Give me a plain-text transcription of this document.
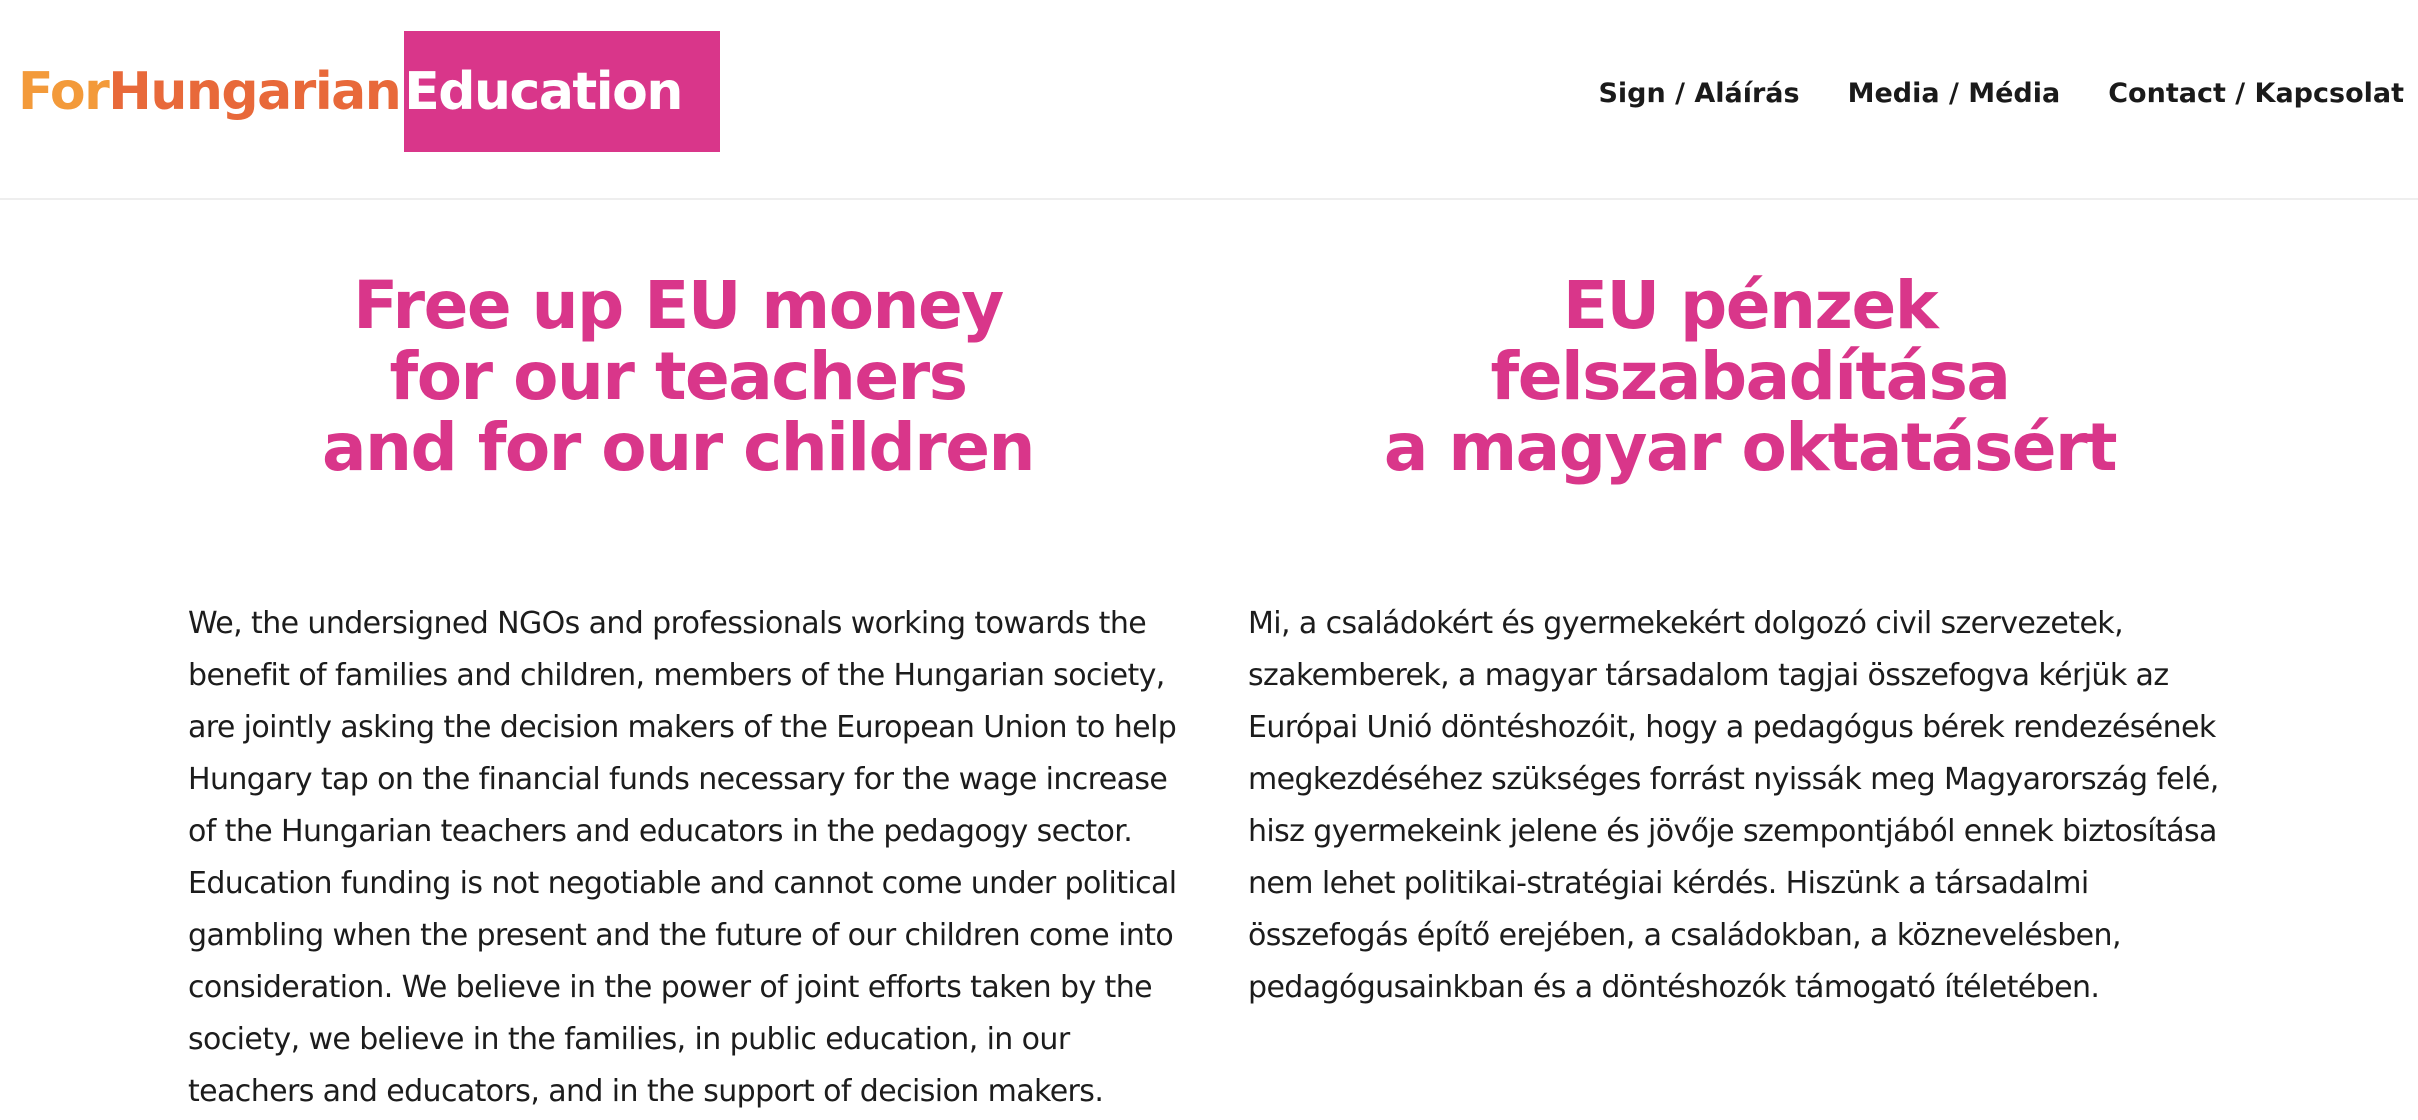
For Hungarian Education	Sign / Aláírás Media / Média Contact / Kapcsolat
Free up EU money
for our teachers
and for our children

We, the undersigned NGOs and professionals working towards the
benefit of families and children, members of the Hungarian society,
are jointly asking the decision makers of the European Union to help
Hungary tap on the financial funds necessary for the wage increase
of the Hungarian teachers and educators in the pedagogy sector.
Education funding is not negotiable and cannot come under political
gambling when the present and the future of our children come into
consideration. We believe in the power of joint efforts taken by the
society, we believe in the families, in public education, in our
teachers and educators, and in the support of decision makers.

EU pénzek
felszabadítása
a magyar oktatásért

Mi, a családokért és gyermekekért dolgozó civil szervezetek,
szakemberek, a magyar társadalom tagjai összefogva kérjük az
Európai Unió döntéshozóit, hogy a pedagógus bérek rendezésének
megkezdéséhez szükséges forrást nyissák meg Magyarország felé,
hisz gyermekeink jelene és jövője szempontjából ennek biztosítása
nem lehet politikai-stratégiai kérdés. Hiszünk a társadalmi
összefogás építő erejében, a családokban, a köznevelésben,
pedagógusainkban és a döntéshozók támogató ítéletében.
